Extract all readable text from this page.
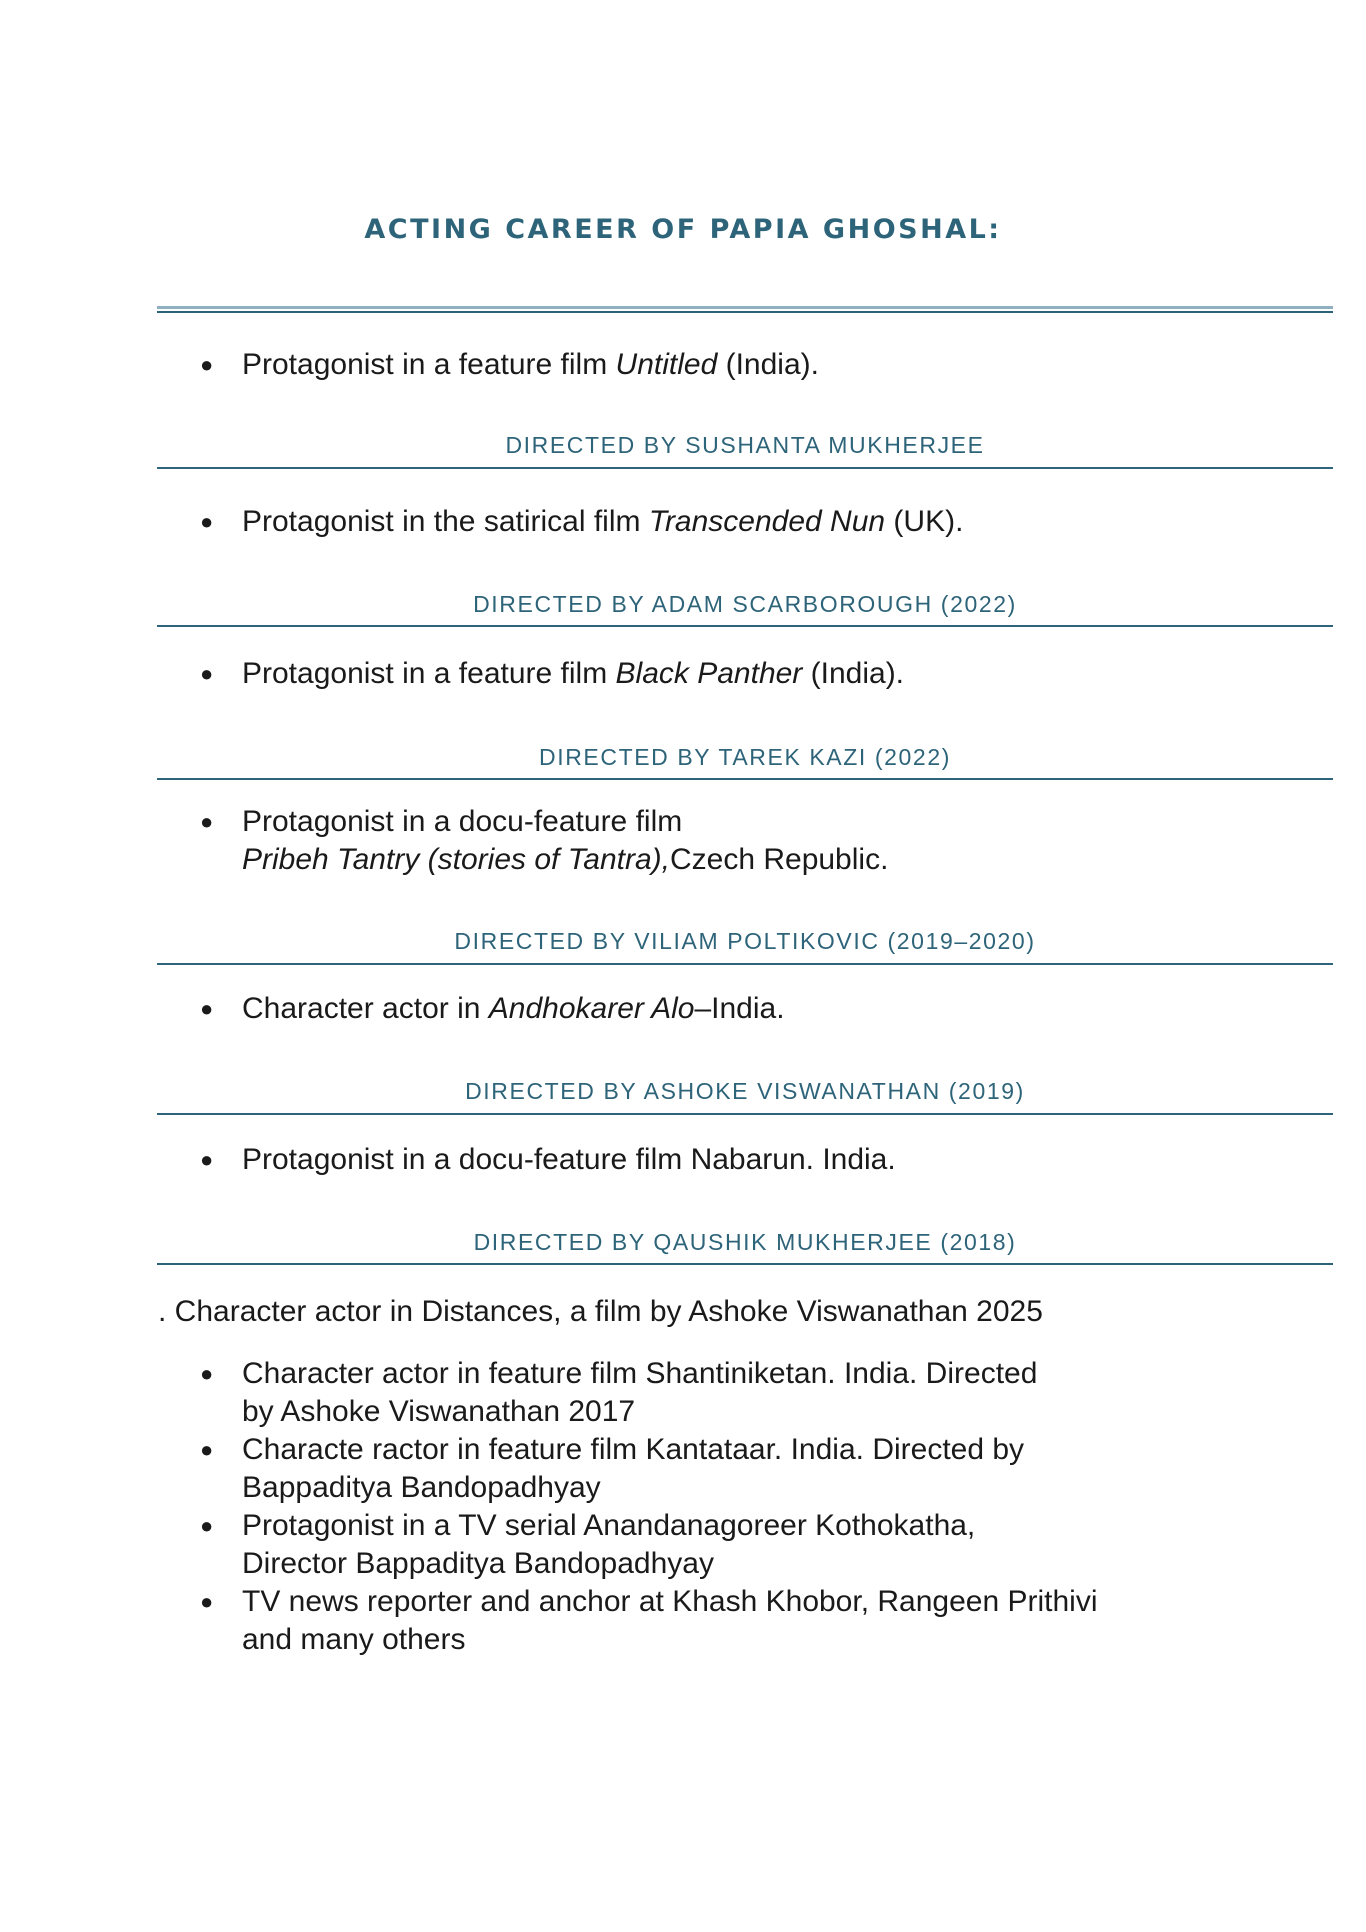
ACTING CAREER OF PAPIA GHOSHAL:
● Protagonist in a feature film Untitled (India).
DIRECTED BY SUSHANTA MUKHERJEE
● Protagonist in the satirical film Transcended Nun (UK).
DIRECTED BY ADAM SCARBOROUGH (2022)
● Protagonist in a feature film Black Panther (India).
DIRECTED BY TAREK KAZI (2022)
● Protagonist in a docu-feature film
Pribeh Tantry (stories of Tantra),Czech Republic.
DIRECTED BY VILIAM POLTIKOVIC (2019–2020)
● Character actor in Andhokarer Alo–India.
DIRECTED BY ASHOKE VISWANATHAN (2019)
● Protagonist in a docu-feature film Nabarun. India.
DIRECTED BY QAUSHIK MUKHERJEE (2018)
. Character actor in Distances, a film by Ashoke Viswanathan 2025
● Character actor in feature film Shantiniketan. India. Directed
by Ashoke Viswanathan 2017
● Characte ractor in feature film Kantataar. India. Directed by
Bappaditya Bandopadhyay
● Protagonist in a TV serial Anandanagoreer Kothokatha,
Director Bappaditya Bandopadhyay
● TV news reporter and anchor at Khash Khobor, Rangeen Prithivi
and many others
